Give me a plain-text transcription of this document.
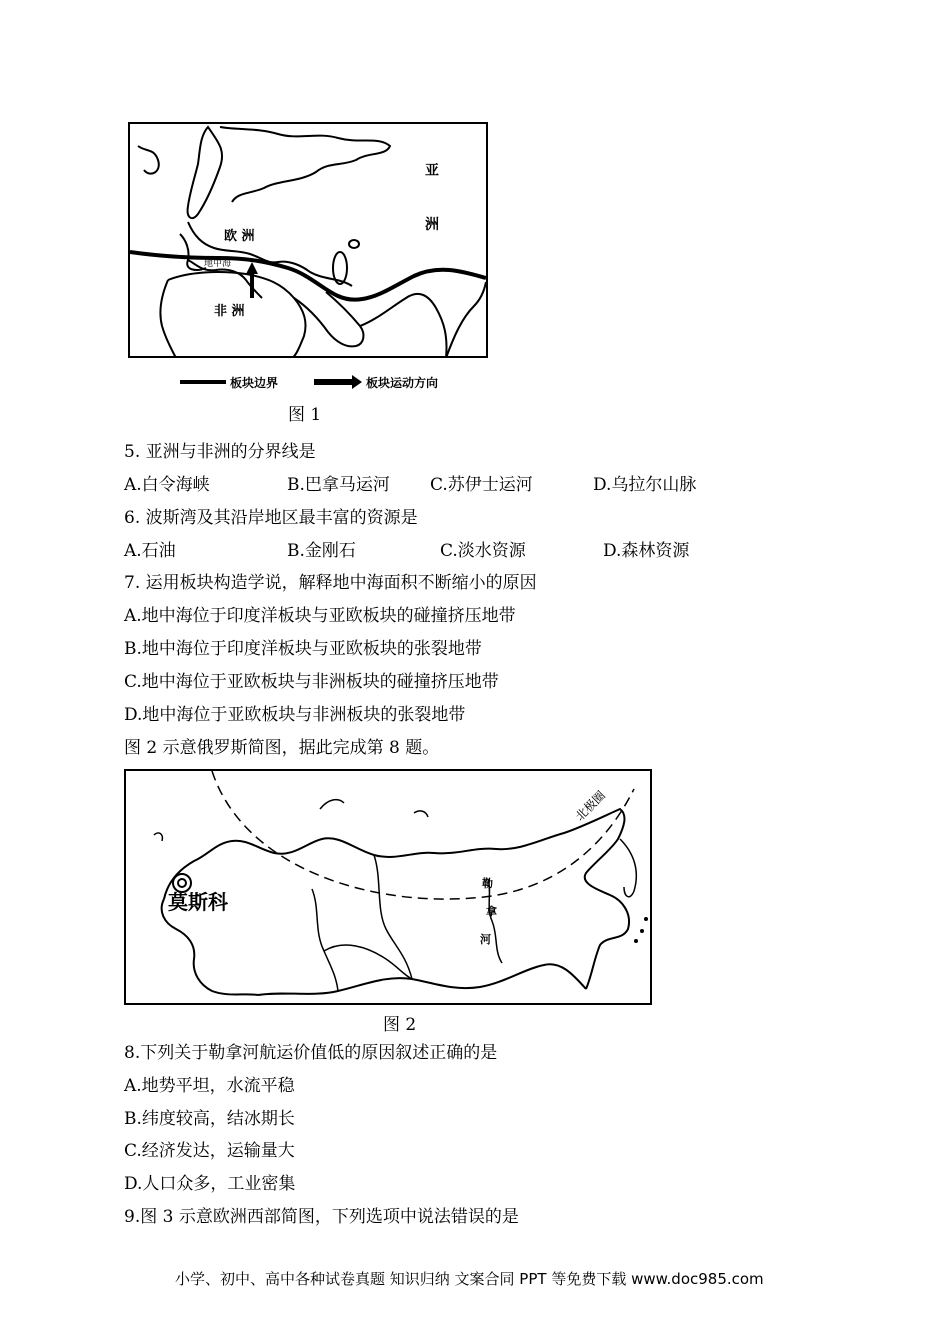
亚
洲
欧 洲
非 洲
地中海
板块边界	板块运动方向
图 1
5. 亚洲与非洲的分界线是
A.白令海峡	B.巴拿马运河 C.苏伊士运河	D.乌拉尔山脉
6. 波斯湾及其沿岸地区最丰富的资源是
A.石油	B.金刚石	C.淡水资源	D.森林资源
7. 运用板块构造学说，解释地中海面积不断缩小的原因
A.地中海位于印度洋板块与亚欧板块的碰撞挤压地带
B.地中海位于印度洋板块与亚欧板块的张裂地带
C.地中海位于亚欧板块与非洲板块的碰撞挤压地带
D.地中海位于亚欧板块与非洲板块的张裂地带
图 2 示意俄罗斯简图，据此完成第 8 题。
莫斯科
北极圈
勒
拿
河
图 2
8.下列关于勒拿河航运价值低的原因叙述正确的是
A.地势平坦，水流平稳
B.纬度较高，结冰期长
C.经济发达，运输量大
D.人口众多，工业密集
9.图 3 示意欧洲西部简图，下列选项中说法错误的是
小学、初中、高中各种试卷真题 知识归纳 文案合同 PPT 等免费下载 www.doc985.com
